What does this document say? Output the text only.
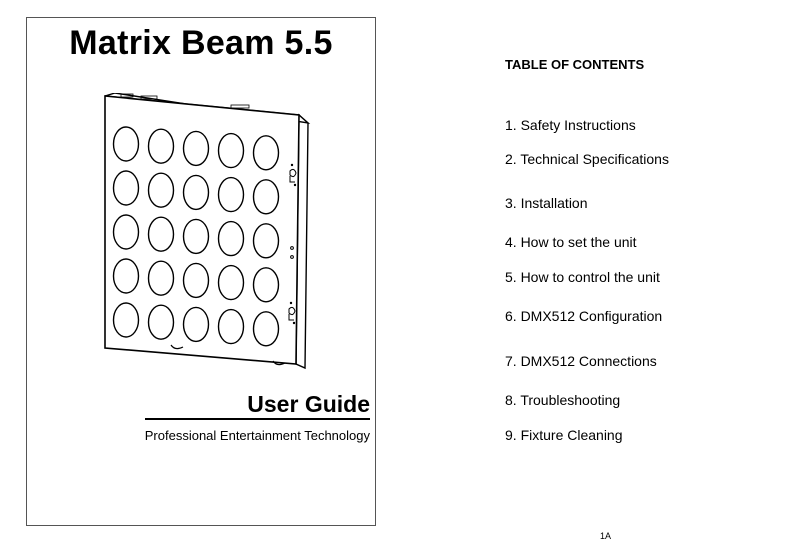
Matrix Beam 5.5
User Guide
Professional Entertainment Technology
TABLE OF CONTENTS
1. Safety Instructions
2. Technical Specifications
3. Installation
4. How to set the unit
5. How to control the unit
6. DMX512 Configuration
7. DMX512 Connections
8. Troubleshooting
9. Fixture Cleaning
1A
